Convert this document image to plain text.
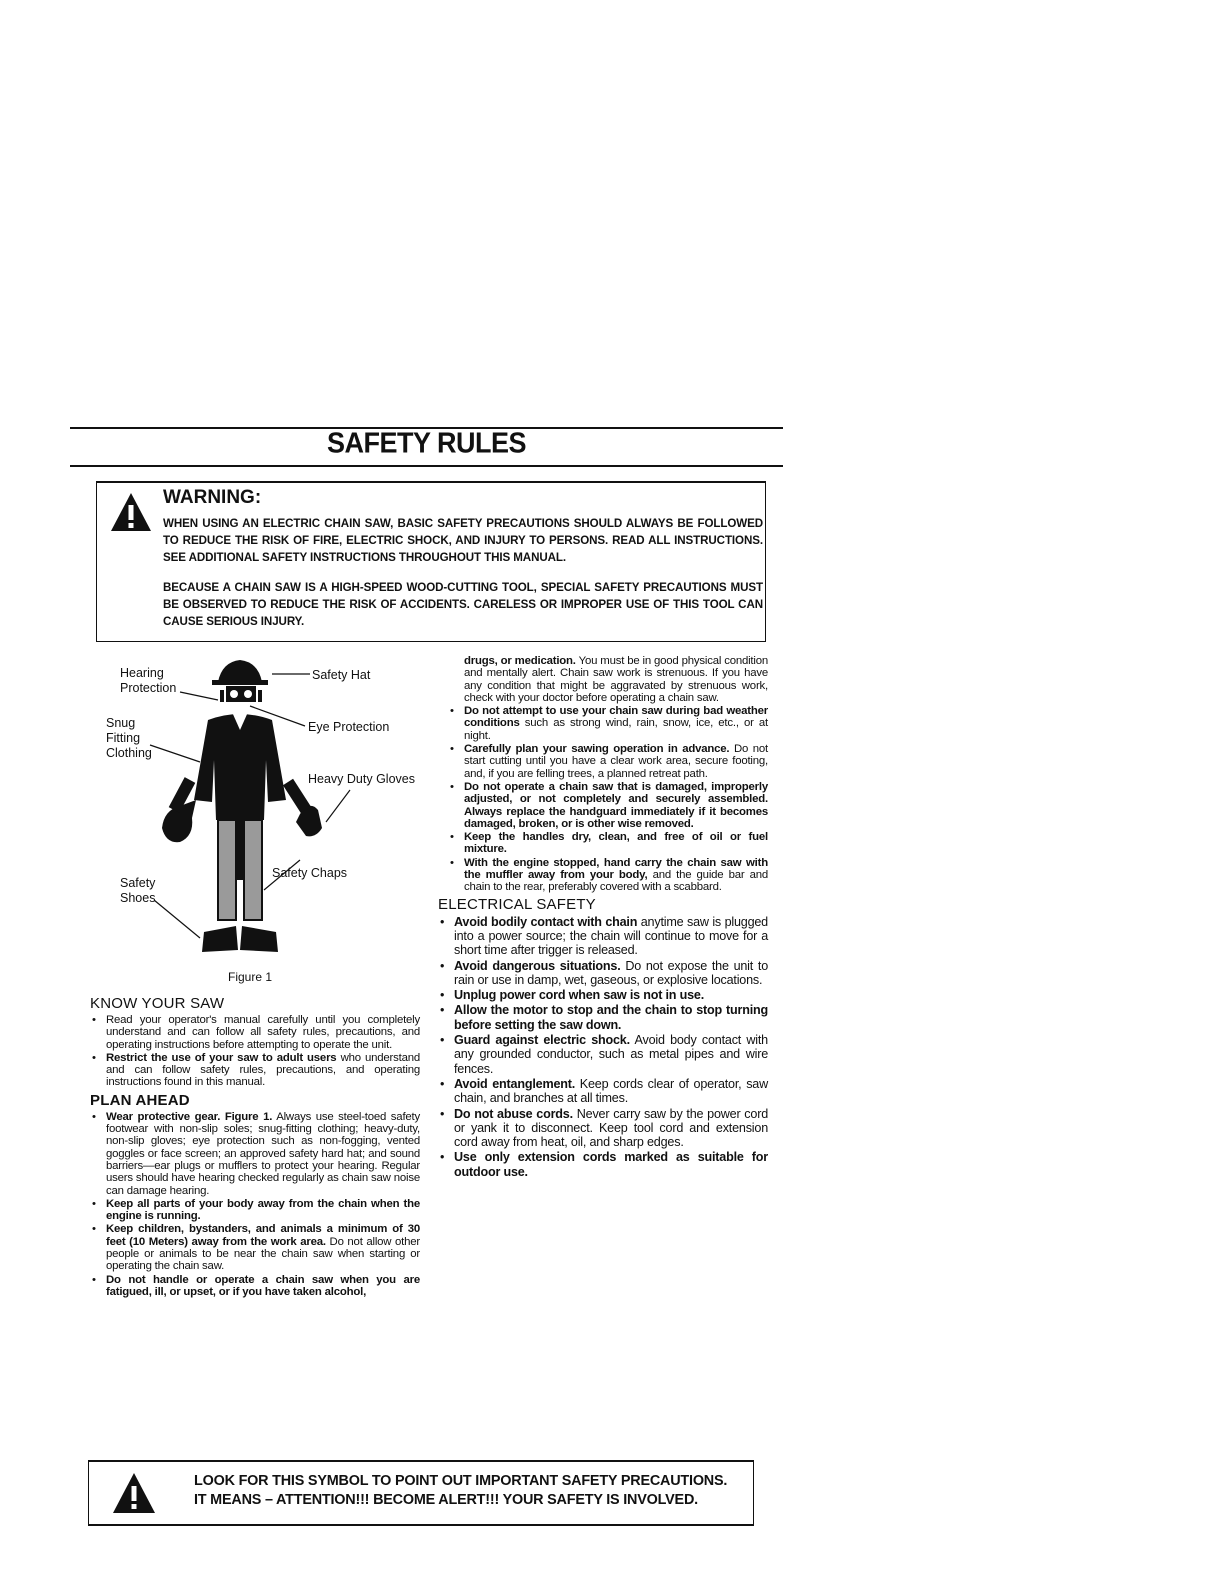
SAFETY RULES
WARNING:
WHEN USING AN ELECTRIC CHAIN SAW, BASIC SAFETY PRECAUTIONS SHOULD ALWAYS BE FOLLOWED TO REDUCE THE RISK OF FIRE, ELECTRIC SHOCK, AND INJURY TO PERSONS. READ ALL INSTRUCTIONS. SEE ADDITIONAL SAFETY INSTRUCTIONS THROUGHOUT THIS MANUAL.
BECAUSE A CHAIN SAW IS A HIGH-SPEED WOOD-CUTTING TOOL, SPECIAL SAFETY PRECAUTIONS MUST BE OBSERVED TO REDUCE THE RISK OF ACCIDENTS. CARELESS OR IMPROPER USE OF THIS TOOL CAN CAUSE SERIOUS INJURY.
Hearing
Protection
Safety Hat
Snug
Fitting
Clothing
Eye Protection
Heavy Duty Gloves
Safety Chaps
Safety
Shoes
Figure 1
KNOW YOUR SAW
• Read your operator's manual carefully until you completely understand and can follow all safety rules, precautions, and operating instructions before attempting to operate the unit.
• Restrict the use of your saw to adult users who understand and can follow safety rules, precautions, and operating instructions found in this manual.
PLAN AHEAD
• Wear protective gear. Figure 1. Always use steel-toed safety footwear with non-slip soles; snug-fitting clothing; heavy-duty, non-slip gloves; eye protection such as non-fogging, vented goggles or face screen; an approved safety hard hat; and sound barriers—ear plugs or mufflers to protect your hearing. Regular users should have hearing checked regularly as chain saw noise can damage hearing.
• Keep all parts of your body away from the chain when the engine is running.
• Keep children, bystanders, and animals a minimum of 30 feet (10 Meters) away from the work area. Do not allow other people or animals to be near the chain saw when starting or operating the chain saw.
• Do not handle or operate a chain saw when you are fatigued, ill, or upset, or if you have taken alcohol,
drugs, or medication. You must be in good physical condition and mentally alert. Chain saw work is strenuous. If you have any condition that might be aggravated by strenuous work, check with your doctor before operating a chain saw.
• Do not attempt to use your chain saw during bad weather conditions such as strong wind, rain, snow, ice, etc., or at night.
• Carefully plan your sawing operation in advance. Do not start cutting until you have a clear work area, secure footing, and, if you are felling trees, a planned retreat path.
• Do not operate a chain saw that is damaged, improperly adjusted, or not completely and securely assembled. Always replace the handguard immediately if it becomes damaged, broken, or is other wise removed.
• Keep the handles dry, clean, and free of oil or fuel mixture.
• With the engine stopped, hand carry the chain saw with the muffler away from your body, and the guide bar and chain to the rear, preferably covered with a scabbard.
ELECTRICAL SAFETY
• Avoid bodily contact with chain anytime saw is plugged into a power source; the chain will continue to move for a short time after trigger is released.
• Avoid dangerous situations. Do not expose the unit to rain or use in damp, wet, gaseous, or explosive locations.
• Unplug power cord when saw is not in use.
• Allow the motor to stop and the chain to stop turning before setting the saw down.
• Guard against electric shock. Avoid body contact with any grounded conductor, such as metal pipes and wire fences.
• Avoid entanglement. Keep cords clear of operator, saw chain, and branches at all times.
• Do not abuse cords. Never carry saw by the power cord or yank it to disconnect. Keep tool cord and extension cord away from heat, oil, and sharp edges.
• Use only extension cords marked as suitable for outdoor use.
LOOK FOR THIS SYMBOL TO POINT OUT IMPORTANT SAFETY PRECAUTIONS.
IT MEANS – ATTENTION!!! BECOME ALERT!!! YOUR SAFETY IS INVOLVED.
